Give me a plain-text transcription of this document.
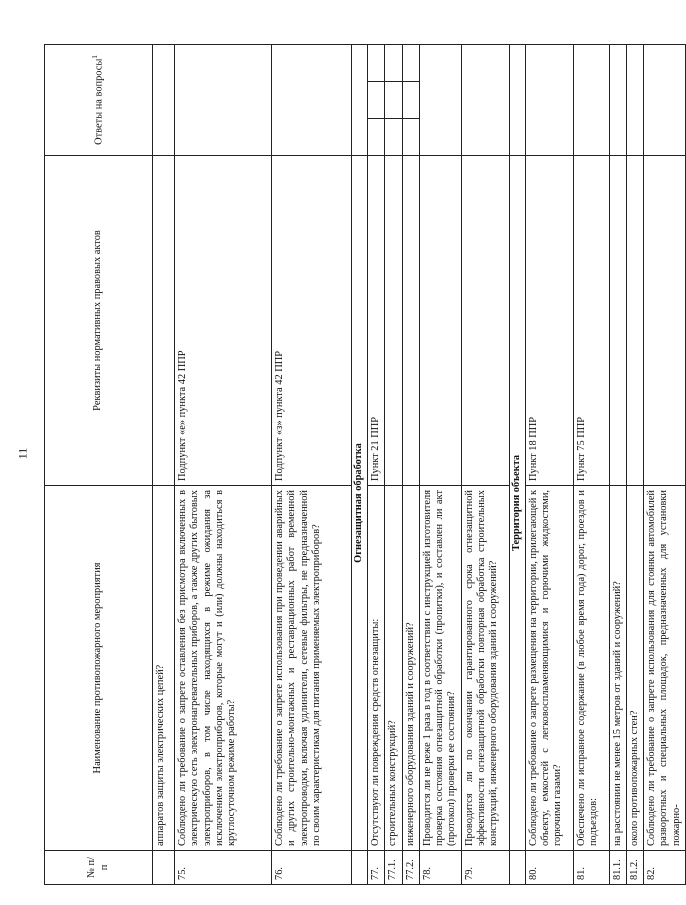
11
№ п/п	Наименование противопожарного мероприятия	Реквизиты нормативных правовых актов	Ответы на вопросы$^1$
	аппаратов защиты электрических цепей?		
75.	Соблюдено ли требование о запрете оставления без присмотра включенных в электрическую сеть электронагревательных приборов, а также других бытовых электроприборов, в том числе находящихся в режиме ожидания за исключением электроприборов, которые могут и (или) должны находиться в круглосуточном режиме работы?	Подпункт «е» пункта 42 ППР	
76.	Соблюдено ли требование о запрете использования при проведении аварийных и других строительно-монтажных и реставрационных работ временной электропроводки, включая удлинители, сетевые фильтры, не предназначенной по своим характеристикам для питания применяемых электроприборов?	Подпункт «з» пункта 42 ППР	
	Огнезащитная обработка		
77.	Отсутствуют ли повреждения средств огнезащиты:	Пункт 21 ППР	

77.1.	строительных конструкций?		

77.2.	инженерного оборудования зданий и сооружений?		

78.	Проводится ли не реже 1 раза в год в соответствии с инструкцией изготовителя проверка состояния огнезащитной обработки (пропитки), и составлен ли акт (протокол) проверки ее состояния?		
79.	Проводится ли по окончании гарантированного срока огнезащитной эффективности огнезащитной обработки повторная обработка строительных конструкций, инженерного оборудования зданий и сооружений?		
	Территория объекта		
80.	Соблюдено ли требование о запрете размещения на территории, прилегающей к объекту, емкостей с легковоспламеняющимися и горючими жидкостями, горючими газами?	Пункт 18 ППР	
81.	Обеспечено ли исправное содержание (в любое время года) дорог, проездов и подъездов:	Пункт 75 ППР	
81.1.	на расстоянии не менее 15 метров от зданий и сооружений?		
81.2.	около противопожарных стен?		
82.	Соблюдено ли требование о запрете использования для стоянки автомобилей разворотных и специальных площадок, предназначенных для установки пожарно-		
